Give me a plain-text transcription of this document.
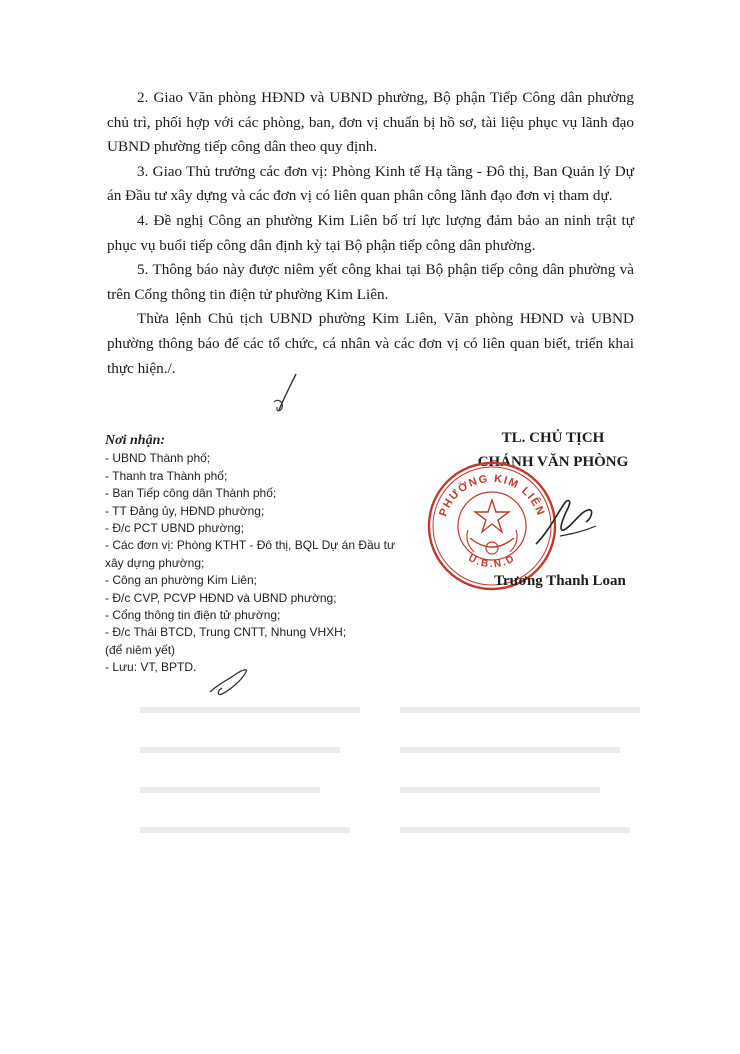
2. Giao Văn phòng HĐND và UBND phường, Bộ phận Tiếp Công dân phường chủ trì, phối hợp với các phòng, ban, đơn vị chuẩn bị hồ sơ, tài liệu phục vụ lãnh đạo UBND phường tiếp công dân theo quy định.

3. Giao Thủ trưởng các đơn vị: Phòng Kinh tế Hạ tầng - Đô thị, Ban Quản lý Dự án Đầu tư xây dựng và các đơn vị có liên quan phân công lãnh đạo đơn vị tham dự.

4. Đề nghị Công an phường Kim Liên bố trí lực lượng đảm bảo an ninh trật tự phục vụ buổi tiếp công dân định kỳ tại Bộ phận tiếp công dân phường.

5. Thông báo này được niêm yết công khai tại Bộ phận tiếp công dân phường và trên Cổng thông tin điện tử phường Kim Liên.

Thừa lệnh Chủ tịch UBND phường Kim Liên, Văn phòng HĐND và UBND phường thông báo để các tổ chức, cá nhân và các đơn vị có liên quan biết, triển khai thực hiện./.

Nơi nhận:
- UBND Thành phố;
- Thanh tra Thành phố;
- Ban Tiếp công dân Thành phố;
- TT Đảng ủy, HĐND phường;
- Đ/c PCT UBND phường;
- Các đơn vị: Phòng KTHT - Đô thị, BQL Dự án Đầu tư xây dựng phường;
- Công an phường Kim Liên;
- Đ/c CVP, PCVP HĐND và UBND phường;
- Cổng thông tin điện tử phường;
- Đ/c Thái BTCD, Trung CNTT, Nhung VHXH;
(để niêm yết)
- Lưu: VT, BPTD.
TL. CHỦ TỊCH
CHÁNH VĂN PHÒNG
PHƯỜNG KIM LIÊN
U.B.N.D
Trương Thanh Loan
